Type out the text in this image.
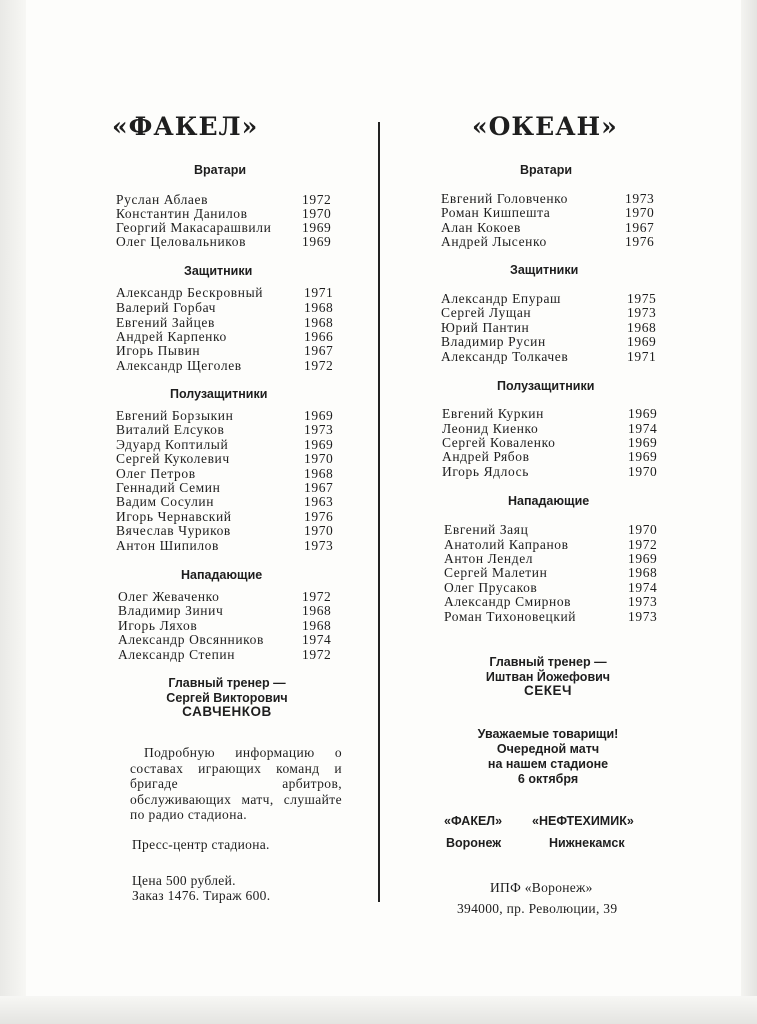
«ФАКЕЛ»
Вратари
Руслан Аблаев	1972
Константин Данилов	1970
Георгий Макасарашвили 1969
Олег Целовальников	1969
Защитники
Александр Бескровный	1971
Валерий Горбач	1968
Евгений Зайцев	1968
Андрей Карпенко	1966
Игорь Пывин	1967
Александр Щеголев	1972
Полузащитники
Евгений Борзыкин	1969
Виталий Елсуков	1973
Эдуард Коптилый	1969
Сергей Куколевич	1970
Олег Петров	1968
Геннадий Семин	1967
Вадим Сосулин	1963
Игорь Чернавский	1976
Вячеслав Чуриков	1970
Антон Шипилов	1973
Нападающие
Олег Жеваченко	1972
Владимир Зинич	1968
Игорь Ляхов	1968
Александр Овсянников	1974
Александр Степин	1972
Главный тренер —
Сергей Викторович
САВЧЕНКОВ
Подробную информацию о составах играющих команд и бригаде арбитров, обслуживающих матч, слушайте по радио стадиона.
Пресс-центр стадиона.
Цена 500 рублей.
Заказ 1476. Тираж 600.
«ОКЕАН»
Вратари
Евгений Головченко	1973
Роман Кишпешта	1970
Алан Кокоев	1967
Андрей Лысенко	1976
Защитники
Александр Епураш	1975
Сергей Лущан	1973
Юрий Пантин	1968
Владимир Русин	1969
Александр Толкачев	1971
Полузащитники
Евгений Куркин	1969
Леонид Киенко	1974
Сергей Коваленко	1969
Андрей Рябов	1969
Игорь Ядлось	1970
Нападающие
Евгений Заяц	1970
Анатолий Капранов	1972
Антон Лендел	1969
Сергей Малетин	1968
Олег Прусаков	1974
Александр Смирнов	1973
Роман Тихоновецкий	1973
Главный тренер —
Иштван Йожефович
СЕКЕЧ
Уважаемые товарищи!
Очередной матч
на нашем стадионе
6 октября
«ФАКЕЛ» «НЕФТЕХИМИК»
Воронеж	Нижнекамск
ИПФ «Воронеж»
394000, пр. Революции, 39
